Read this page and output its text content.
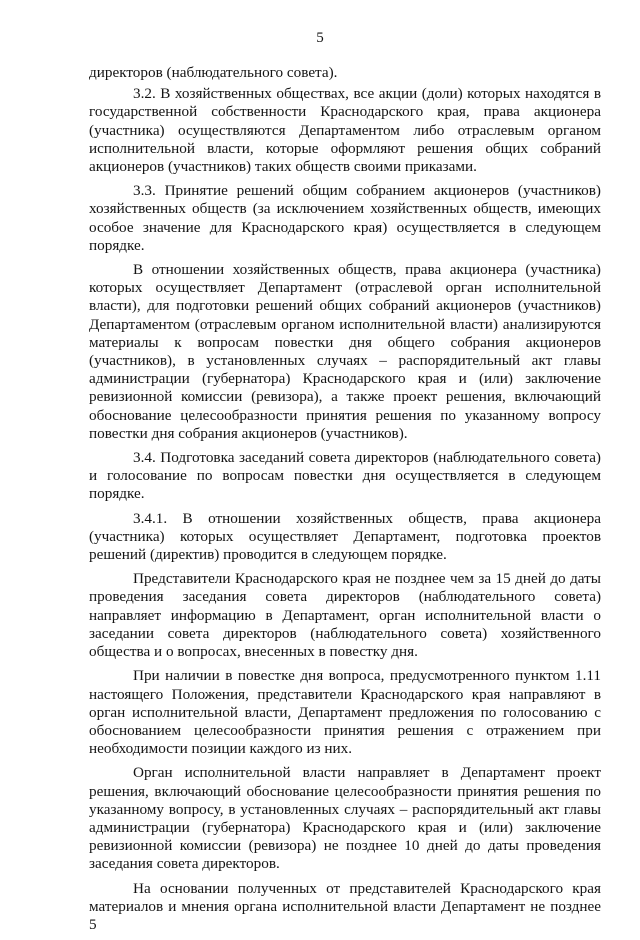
5

директоров (наблюдательного совета).

3.2. В хозяйственных обществах, все акции (доли) которых находятся в государственной собственности Краснодарского края, права акционера (участника) осуществляются Департаментом либо отраслевым органом исполнительной власти, которые оформляют решения общих собраний акционеров (участников) таких обществ своими приказами.

3.3. Принятие решений общим собранием акционеров (участников) хозяйственных обществ (за исключением хозяйственных обществ, имеющих особое значение для Краснодарского края) осуществляется в следующем порядке.

В отношении хозяйственных обществ, права акционера (участника) которых осуществляет Департамент (отраслевой орган исполнительной власти), для подготовки решений общих собраний акционеров (участников) Департаментом (отраслевым органом исполнительной власти) анализируются материалы к вопросам повестки дня общего собрания акционеров (участников), в установленных случаях – распорядительный акт главы администрации (губернатора) Краснодарского края и (или) заключение ревизионной комиссии (ревизора), а также проект решения, включающий обоснование целесообразности принятия решения по указанному вопросу повестки дня собрания акционеров (участников).

3.4. Подготовка заседаний совета директоров (наблюдательного совета) и голосование по вопросам повестки дня осуществляется в следующем порядке.

3.4.1. В отношении хозяйственных обществ, права акционера (участника) которых осуществляет Департамент, подготовка проектов решений (директив) проводится в следующем порядке.

Представители Краснодарского края не позднее чем за 15 дней до даты проведения заседания совета директоров (наблюдательного совета) направляет информацию в Департамент, орган исполнительной власти о заседании совета директоров (наблюдательного совета) хозяйственного общества и о вопросах, внесенных в повестку дня.

При наличии в повестке дня вопроса, предусмотренного пунктом 1.11 настоящего Положения, представители Краснодарского края направляют в орган исполнительной власти, Департамент предложения по голосованию с обоснованием целесообразности принятия решения с отражением при необходимости позиции каждого из них.

Орган исполнительной власти направляет в Департамент проект решения, включающий обоснование целесообразности принятия решения по указанному вопросу, в установленных случаях – распорядительный акт главы администрации (губернатора) Краснодарского края и (или) заключение ревизионной комиссии (ревизора) не позднее 10 дней до даты проведения заседания совета директоров.

На основании полученных от представителей Краснодарского края материалов и мнения органа исполнительной власти Департамент не позднее 5
